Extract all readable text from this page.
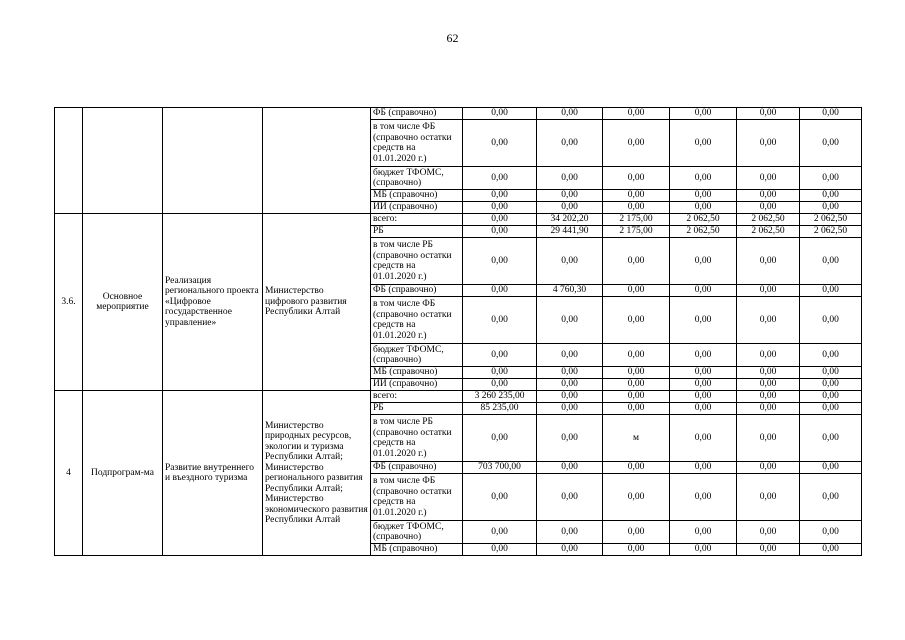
62
				ФБ (справочно)	0,00	0,00	0,00	0,00	0,00	0,00
				в том числе ФБ (справочно остатки средств на 01.01.2020 г.)	0,00	0,00	0,00	0,00	0,00	0,00
				бюджет ТФОМС, (справочно)	0,00	0,00	0,00	0,00	0,00	0,00
				МБ (справочно)	0,00	0,00	0,00	0,00	0,00	0,00
				ИИ (справочно)	0,00	0,00	0,00	0,00	0,00	0,00
3.6.	Основное мероприятие	Реализация регионального проекта «Цифровое государственное управление»	Министерство цифрового развития Республики Алтай	всего:	0,00	34 202,20	2 175,00	2 062,50	2 062,50	2 062,50
				РБ	0,00	29 441,90	2 175,00	2 062,50	2 062,50	2 062,50
				в том числе РБ (справочно остатки средств на 01.01.2020 г.)	0,00	0,00	0,00	0,00	0,00	0,00
				ФБ (справочно)	0,00	4 760,30	0,00	0,00	0,00	0,00
				в том числе ФБ (справочно остатки средств на 01.01.2020 г.)	0,00	0,00	0,00	0,00	0,00	0,00
				бюджет ТФОМС, (справочно)	0,00	0,00	0,00	0,00	0,00	0,00
				МБ (справочно)	0,00	0,00	0,00	0,00	0,00	0,00
				ИИ (справочно)	0,00	0,00	0,00	0,00	0,00	0,00
4	Подпрограм-ма	Развитие внутреннего и въездного туризма	Министерство природных ресурсов, экологии и туризма Республики Алтай; Министерство регионального развития Республики Алтай; Министерство экономического развития Республики Алтай	всего:	3 260 235,00	0,00	0,00	0,00	0,00	0,00
				РБ	85 235,00	0,00	0,00	0,00	0,00	0,00
				в том числе РБ (справочно остатки средств на 01.01.2020 г.)	0,00	0,00	м	0,00	0,00	0,00
				ФБ (справочно)	703 700,00	0,00	0,00	0,00	0,00	0,00
				в том числе ФБ (справочно остатки средств на 01.01.2020 г.)	0,00	0,00	0,00	0,00	0,00	0,00
				бюджет ТФОМС, (справочно)	0,00	0,00	0,00	0,00	0,00	0,00
				МБ (справочно)	0,00	0,00	0,00	0,00	0,00	0,00
